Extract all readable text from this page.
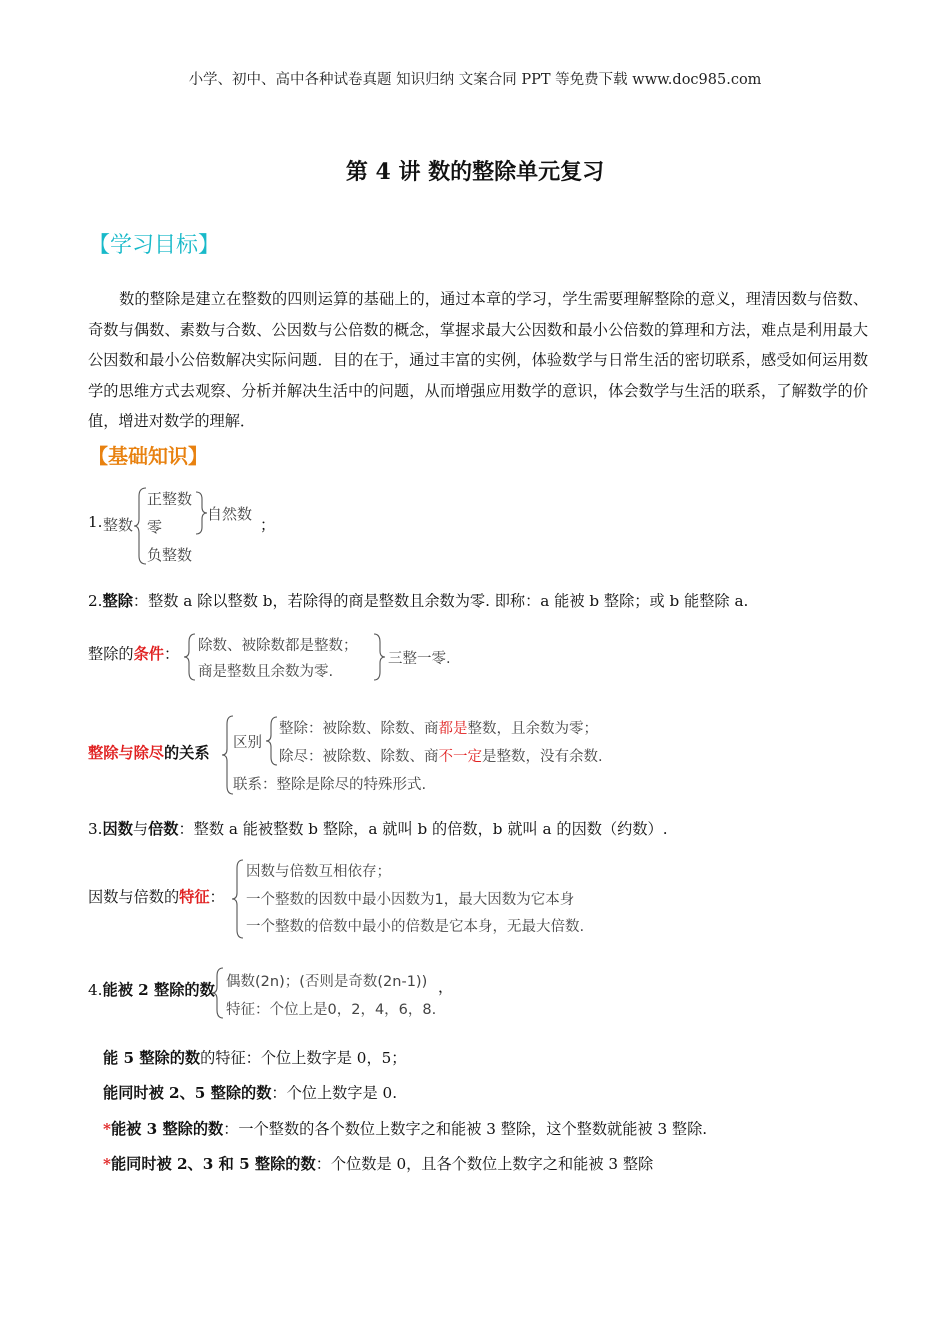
小学、初中、高中各种试卷真题 知识归纳 文案合同 PPT 等免费下载 www.doc985.com
第 4 讲 数的整除单元复习
【学习目标】
数的整除是建立在整数的四则运算的基础上的，通过本章的学习，学生需要理解整除的意义，理清因数与倍数、奇数与偶数、素数与合数、公因数与公倍数的概念，掌握求最大公因数和最小公倍数的算理和方法，难点是利用最大公因数和最小公倍数解决实际问题．目的在于，通过丰富的实例，体验数学与日常生活的密切联系，感受如何运用数学的思维方式去观察、分析并解决生活中的问题，从而增强应用数学的意识，体会数学与生活的联系，了解数学的价值，增进对数学的理解．
【基础知识】
1. 整数
正整数
零
负整数
自然数
；
2.整除：整数 a 除以整数 b，若除得的商是整数且余数为零. 即称：a 能被 b 整除；或 b 能整除 a.
整除的条件： 除数、被除数都是整数；
商是整数且余数为零.
三整一零.
整除与除尽的关系
区别
整除：被除数、除数、商都是整数，且余数为零；
除尽：被除数、除数、商不一定是整数，没有余数.
联系：整除是除尽的特殊形式.
3.因数与倍数：整数 a 能被整数 b 整除，a 就叫 b 的倍数，b 就叫 a 的因数（约数）.
因数与倍数的特征：
因数与倍数互相依存；
一个整数的因数中最小因数为1，最大因数为它本身
一个整数的倍数中最小的倍数是它本身，无最大倍数.
4.能被 2 整除的数 偶数(2n)；(否则是奇数(2n-1))
特征：个位上是0，2，4，6，8.
，
能 5 整除的数的特征：个位上数字是 0，5；
能同时被 2、5 整除的数：个位上数字是 0.
*能被 3 整除的数：一个整数的各个数位上数字之和能被 3 整除，这个整数就能被 3 整除.
*能同时被 2、3 和 5 整除的数：个位数是 0，且各个数位上数字之和能被 3 整除
